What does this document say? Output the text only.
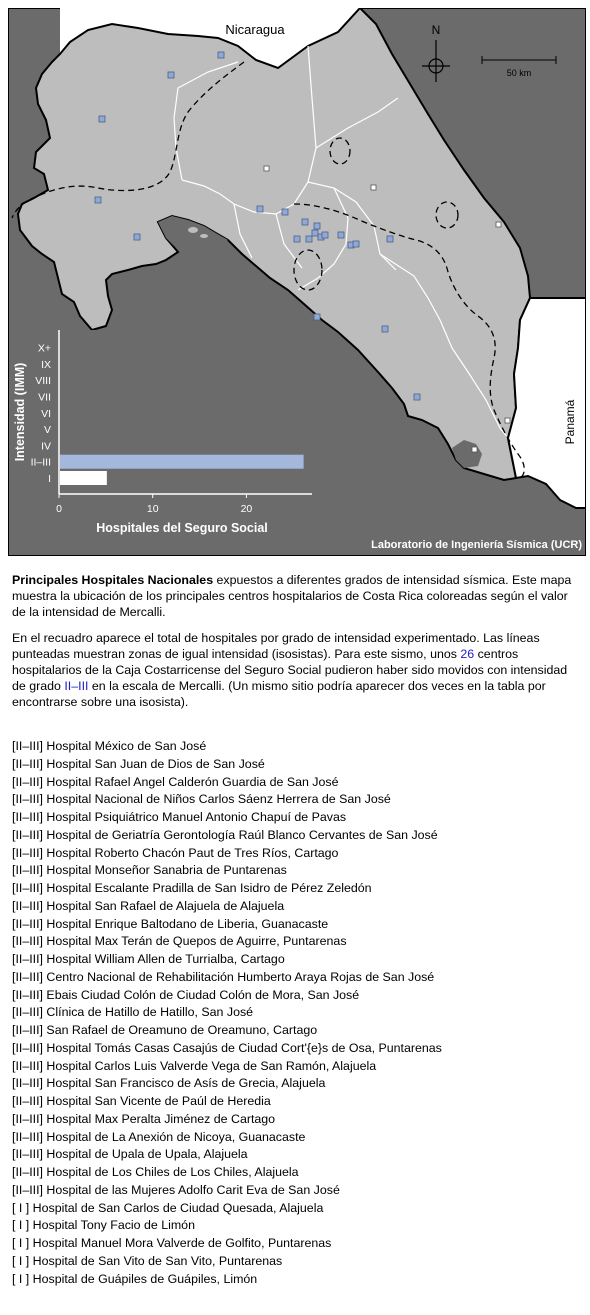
N
50 km
Nicaragua
Panamá
I
II–III
IV
V
VI
VII
VIII
IX
X+
0	10	20
Hospitales del Seguro Social
Intensidad (IMM)
Laboratorio de Ingeniería Sísmica (UCR)

Principales Hospitales Nacionales expuestos a diferentes grados de intensidad sísmica. Este mapa muestra la ubicación de los principales centros hospitalarios de Costa Rica coloreadas según el valor de la intensidad de Mercalli.

En el recuadro aparece el total de hospitales por grado de intensidad experimentado. Las líneas punteadas muestran zonas de igual intensidad (isosistas). Para este sismo, unos 26 centros hospitalarios de la Caja Costarricense del Seguro Social pudieron haber sido movidos con intensidad de grado II–III en la escala de Mercalli. (Un mismo sitio podría aparecer dos veces en la tabla por encontrarse sobre una isosista).

[II–III] Hospital México de San José
[II–III] Hospital San Juan de Dios de San José
[II–III] Hospital Rafael Angel Calderón Guardia de San José
[II–III] Hospital Nacional de Niños Carlos Sáenz Herrera de San José
[II–III] Hospital Psiquiátrico Manuel Antonio Chapuí de Pavas
[II–III] Hospital de Geriatría Gerontología Raúl Blanco Cervantes de San José
[II–III] Hospital Roberto Chacón Paut de Tres Ríos, Cartago
[II–III] Hospital Monseñor Sanabria de Puntarenas
[II–III] Hospital Escalante Pradilla de San Isidro de Pérez Zeledón
[II–III] Hospital San Rafael de Alajuela de Alajuela
[II–III] Hospital Enrique Baltodano de Liberia, Guanacaste
[II–III] Hospital Max Terán de Quepos de Aguirre, Puntarenas
[II–III] Hospital William Allen de Turrialba, Cartago
[II–III] Centro Nacional de Rehabilitación Humberto Araya Rojas de San José
[II–III] Ebais Ciudad Colón de Ciudad Colón de Mora, San José
[II–III] Clínica de Hatillo de Hatillo, San José
[II–III] San Rafael de Oreamuno de Oreamuno, Cartago
[II–III] Hospital Tomás Casas Casajús de Ciudad Cort'{e}s de Osa, Puntarenas
[II–III] Hospital Carlos Luis Valverde Vega de San Ramón, Alajuela
[II–III] Hospital San Francisco de Asís de Grecia, Alajuela
[II–III] Hospital San Vicente de Paúl de Heredia
[II–III] Hospital Max Peralta Jiménez de Cartago
[II–III] Hospital de La Anexión de Nicoya, Guanacaste
[II–III] Hospital de Upala de Upala, Alajuela
[II–III] Hospital de Los Chiles de Los Chiles, Alajuela
[II–III] Hospital de las Mujeres Adolfo Carit Eva de San José
[ I ] Hospital de San Carlos de Ciudad Quesada, Alajuela
[ I ] Hospital Tony Facio de Limón
[ I ] Hospital Manuel Mora Valverde de Golfito, Puntarenas
[ I ] Hospital de San Vito de San Vito, Puntarenas
[ I ] Hospital de Guápiles de Guápiles, Limón
